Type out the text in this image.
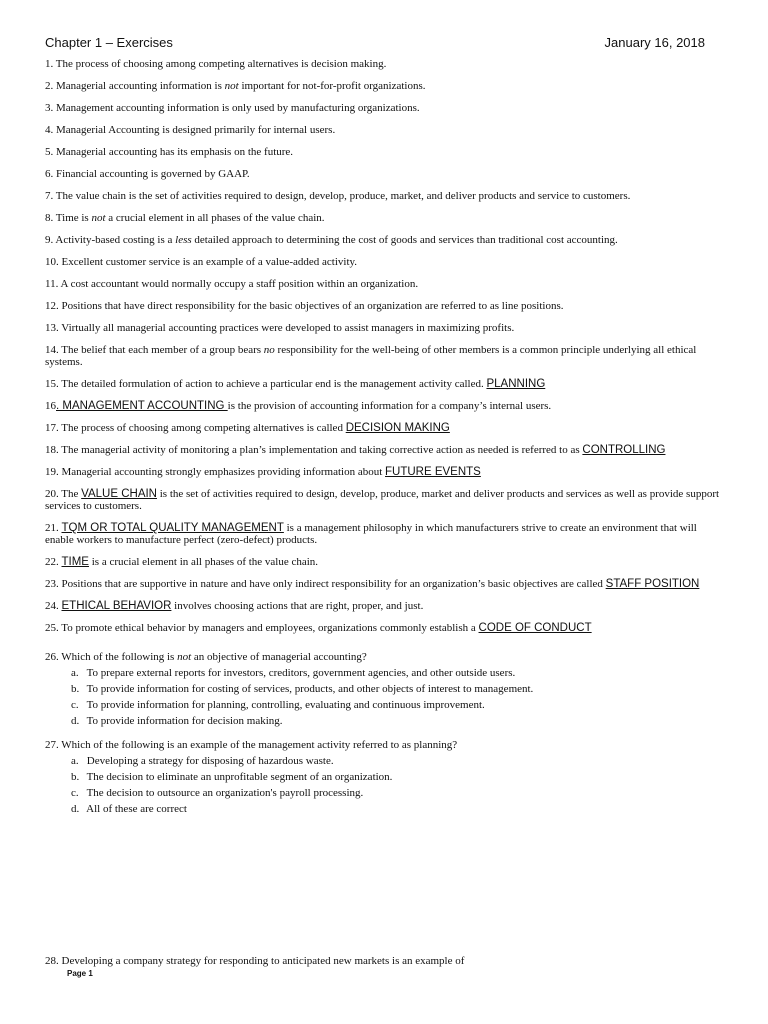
Chapter 1 – Exercises	January 16, 2018
1. The process of choosing among competing alternatives is decision making.
2. Managerial accounting information is not important for not-for-profit organizations.
3. Management accounting information is only used by manufacturing organizations.
4. Managerial Accounting is designed primarily for internal users.
5. Managerial accounting has its emphasis on the future.
6. Financial accounting is governed by GAAP.
7. The value chain is the set of activities required to design, develop, produce, market, and deliver products and service to customers.
8. Time is not a crucial element in all phases of the value chain.
9. Activity-based costing is a less detailed approach to determining the cost of goods and services than traditional cost accounting.
10. Excellent customer service is an example of a value-added activity.
11. A cost accountant would normally occupy a staff position within an organization.
12. Positions that have direct responsibility for the basic objectives of an organization are referred to as line positions.
13. Virtually all managerial accounting practices were developed to assist managers in maximizing profits.
14. The belief that each member of a group bears no responsibility for the well-being of other members is a common principle underlying all ethical systems.
15. The detailed formulation of action to achieve a particular end is the management activity called. PLANNING
16. MANAGEMENT ACCOUNTING is the provision of accounting information for a company’s internal users.
17. The process of choosing among competing alternatives is called DECISION MAKING
18. The managerial activity of monitoring a plan’s implementation and taking corrective action as needed is referred to as CONTROLLING
19. Managerial accounting strongly emphasizes providing information about FUTURE EVENTS
20. The VALUE CHAIN is the set of activities required to design, develop, produce, market and deliver products and services as well as provide support services to customers.
21. TQM OR TOTAL QUALITY MANAGEMENT is a management philosophy in which manufacturers strive to create an environment that will enable workers to manufacture perfect (zero-defect) products.
22. TIME is a crucial element in all phases of the value chain.
23. Positions that are supportive in nature and have only indirect responsibility for an organization’s basic objectives are called STAFF POSITION
24. ETHICAL BEHAVIOR involves choosing actions that are right, proper, and just.
25. To promote ethical behavior by managers and employees, organizations commonly establish a CODE OF CONDUCT
26. Which of the following is not an objective of managerial accounting?
a. To prepare external reports for investors, creditors, government agencies, and other outside users.
b. To provide information for costing of services, products, and other objects of interest to management.
c. To provide information for planning, controlling, evaluating and continuous improvement.
d. To provide information for decision making.
27. Which of the following is an example of the management activity referred to as planning?
a. Developing a strategy for disposing of hazardous waste.
b. The decision to eliminate an unprofitable segment of an organization.
c. The decision to outsource an organization's payroll processing.
d. All of these are correct
28. Developing a company strategy for responding to anticipated new markets is an example of
Page 1
